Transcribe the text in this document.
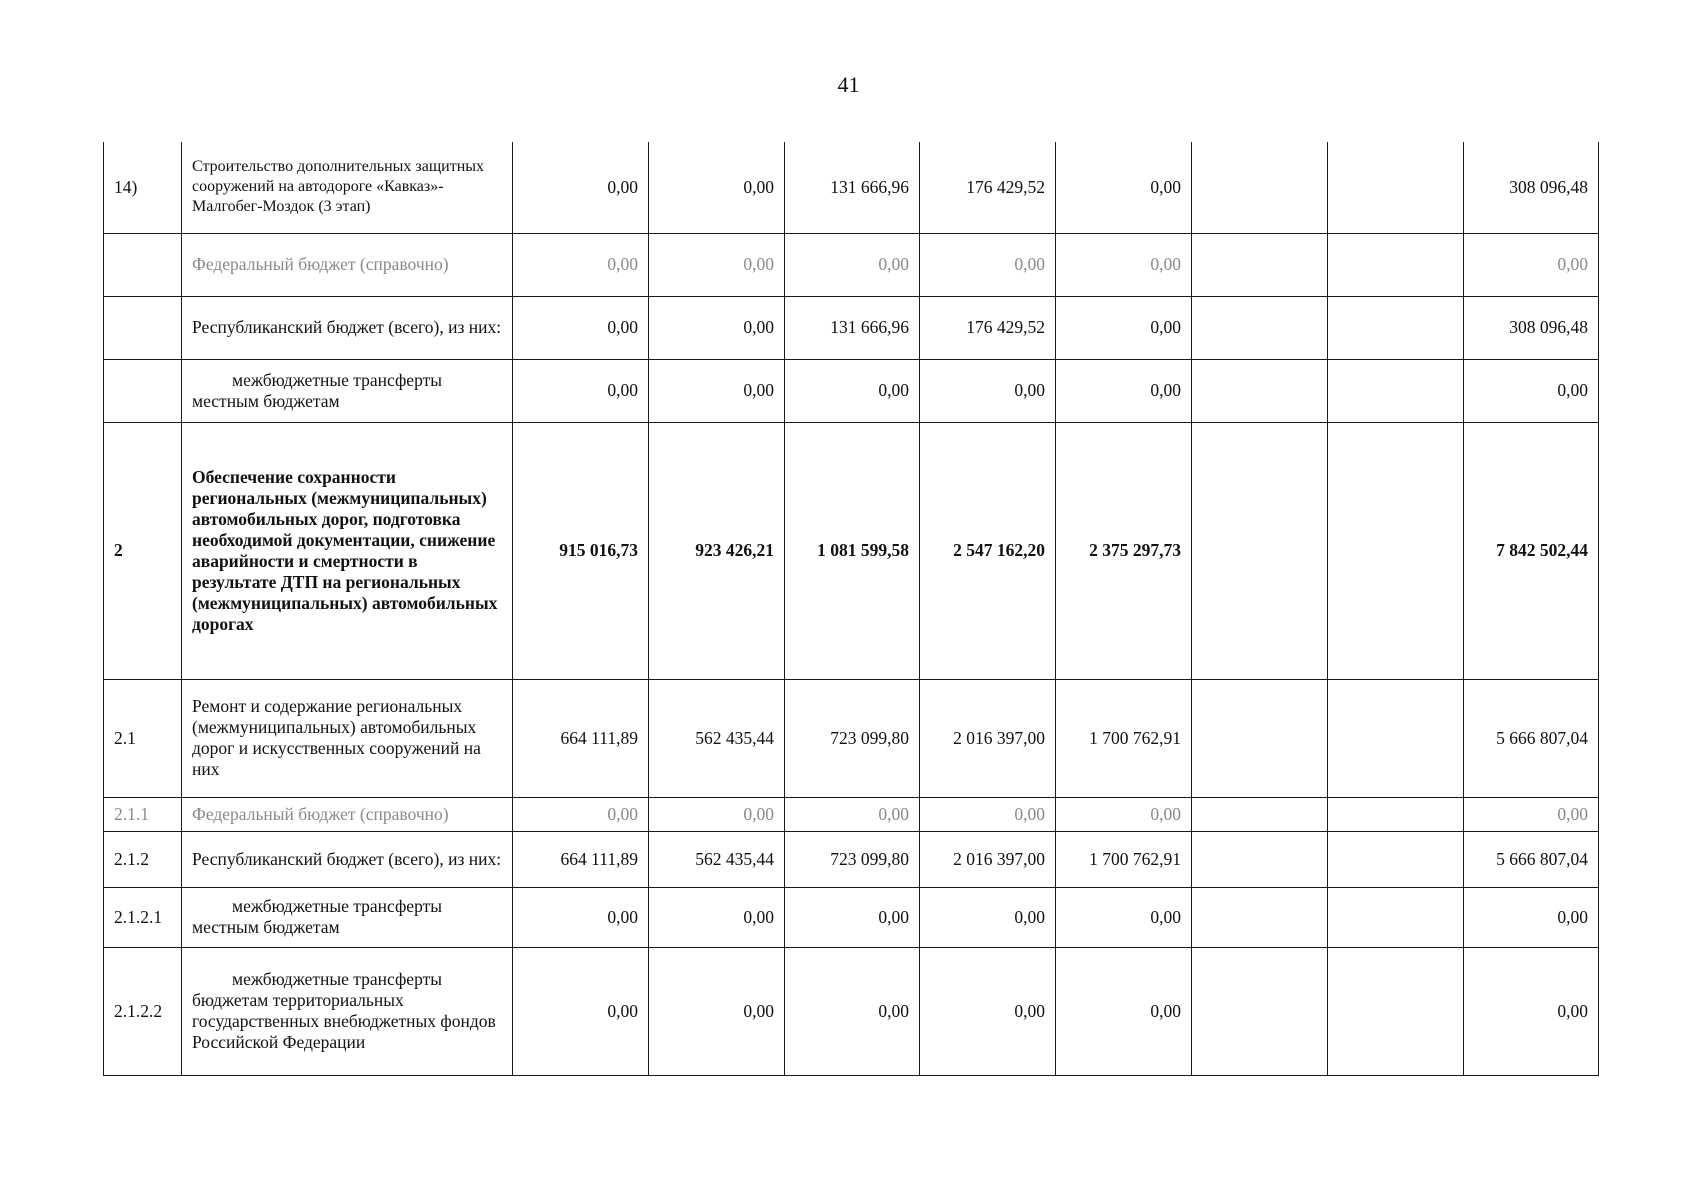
41
14)	Строительство дополнительных защитных сооружений на автодороге «Кавказ»-Малгобег-Моздок (3 этап)	0,00	0,00	131 666,96	176 429,52	0,00			308 096,48
	Федеральный бюджет (справочно)	0,00	0,00	0,00	0,00	0,00			0,00
	Республиканский бюджет (всего), из них:	0,00	0,00	131 666,96	176 429,52	0,00			308 096,48
	межбюджетные трансферты местным бюджетам	0,00	0,00	0,00	0,00	0,00			0,00
2	Обеспечение сохранности региональных (межмуниципальных) автомобильных дорог, подготовка необходимой документации, снижение аварийности и смертности в результате ДТП на региональных (межмуниципальных) автомобильных дорогах	915 016,73	923 426,21	1 081 599,58	2 547 162,20	2 375 297,73			7 842 502,44
2.1	Ремонт и содержание региональных (межмуниципальных) автомобильных дорог и искусственных сооружений на них	664 111,89	562 435,44	723 099,80	2 016 397,00	1 700 762,91			5 666 807,04
2.1.1	Федеральный бюджет (справочно)	0,00	0,00	0,00	0,00	0,00			0,00
2.1.2	Республиканский бюджет (всего), из них:	664 111,89	562 435,44	723 099,80	2 016 397,00	1 700 762,91			5 666 807,04
2.1.2.1	межбюджетные трансферты местным бюджетам	0,00	0,00	0,00	0,00	0,00			0,00
2.1.2.2	межбюджетные трансферты бюджетам территориальных государственных внебюджетных фондов Российской Федерации	0,00	0,00	0,00	0,00	0,00			0,00
